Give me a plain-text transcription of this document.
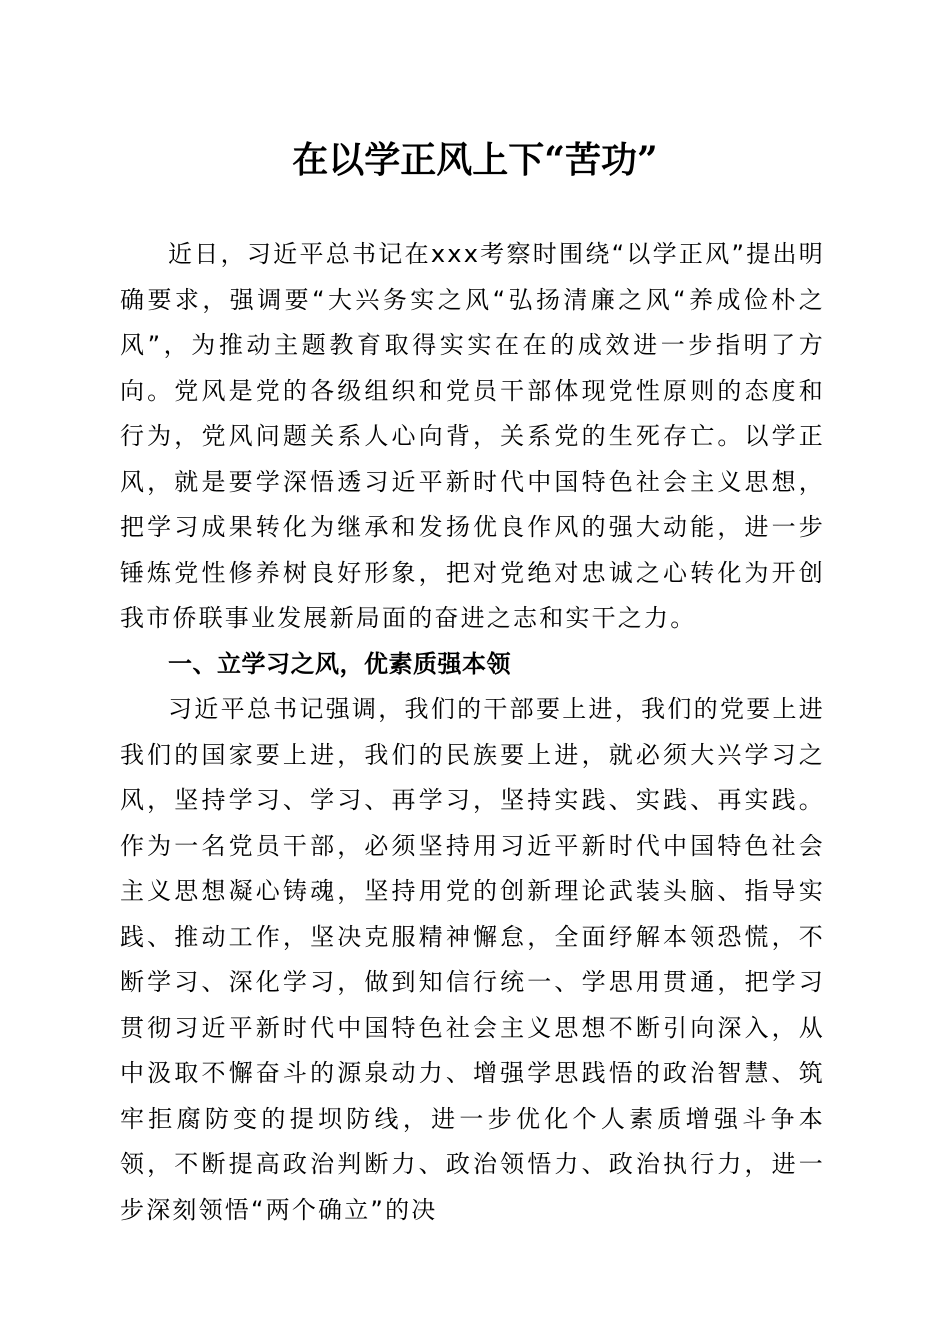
在以学正风上下“苦功”

近日，习近平总书记在xxx考察时围绕“以学正风”提出明确要求，强调要“大兴务实之风“弘扬清廉之风“养成俭朴之风”，为推动主题教育取得实实在在的成效进一步指明了方向。党风是党的各级组织和党员干部体现党性原则的态度和行为，党风问题关系人心向背，关系党的生死存亡。以学正风，就是要学深悟透习近平新时代中国特色社会主义思想，把学习成果转化为继承和发扬优良作风的强大动能，进一步锤炼党性修养树良好形象，把对党绝对忠诚之心转化为开创我市侨联事业发展新局面的奋进之志和实干之力。

一、立学习之风，优素质强本领

习近平总书记强调，我们的干部要上进，我们的党要上进我们的国家要上进，我们的民族要上进，就必须大兴学习之风，坚持学习、学习、再学习，坚持实践、实践、再实践。作为一名党员干部，必须坚持用习近平新时代中国特色社会主义思想凝心铸魂，坚持用党的创新理论武装头脑、指导实践、推动工作，坚决克服精神懈怠，全面纾解本领恐慌，不断学习、深化学习，做到知信行统一、学思用贯通，把学习贯彻习近平新时代中国特色社会主义思想不断引向深入，从中汲取不懈奋斗的源泉动力、增强学思践悟的政治智慧、筑牢拒腐防变的提坝防线，进一步优化个人素质增强斗争本领，不断提高政治判断力、政治领悟力、政治执行力，进一步深刻领悟“两个确立”的决
